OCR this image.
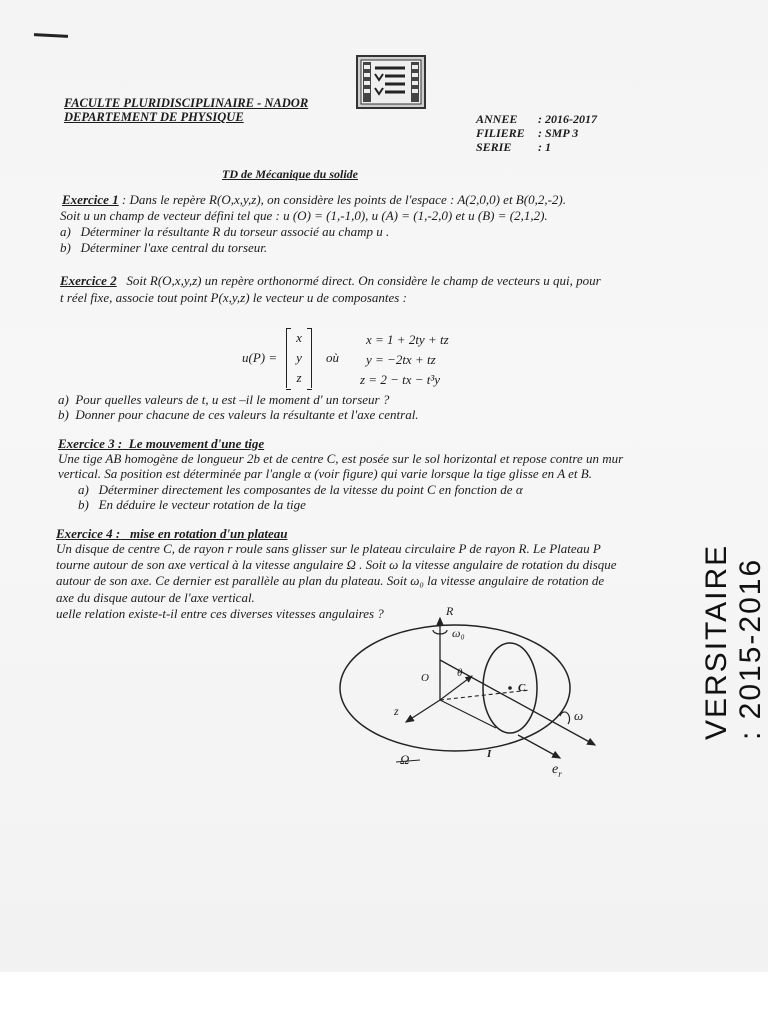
FACULTE PLURIDISCIPLINAIRE - NADOR
DEPARTEMENT DE PHYSIQUE	ANNEE : 2016-2017
FILIERE : SMP 3
SERIE : 1
TD de Mécanique du solide
Exercice 1 : Dans le repère R(O,x,y,z), on considère les points de l'espace : A(2,0,0) et B(0,2,-2).
Soit u un champ de vecteur défini tel que : u (O) = (1,-1,0), u (A) = (1,-2,0) et u (B) = (2,1,2).
a) Déterminer la résultante R du torseur associé au champ u .
b) Déterminer l'axe central du torseur.
Exercice 2 Soit R(O,x,y,z) un repère orthonormé direct. On considère le champ de vecteurs u qui, pour
t réel fixe, associe tout point P(x,y,z) le vecteur u de composantes :
u(P) =
x
y
z
où
x = 1 + 2ty + tz
y = −2tx + tz
z = 2 − tx − t³y
a) Pour quelles valeurs de t, u est –il le moment d' un torseur ?
b) Donner pour chacune de ces valeurs la résultante et l'axe central.
Exercice 3 : Le mouvement d'une tige
Une tige AB homogène de longueur 2b et de centre C, est posée sur le sol horizontal et repose contre un mur
vertical. Sa position est déterminée par l'angle α (voir figure) qui varie lorsque la tige glisse en A et B.
a) Déterminer directement les composantes de la vitesse du point C en fonction de α
b) En déduire le vecteur rotation de la tige
Exercice 4 : mise en rotation d'un plateau
Un disque de centre C, de rayon r roule sans glisser sur le plateau circulaire P de rayon R. Le Plateau P
tourne autour de son axe vertical à la vitesse angulaire Ω . Soit ω la vitesse angulaire de rotation du disque
autour de son axe. Ce dernier est parallèle au plan du plateau. Soit ω₀ la vitesse angulaire de rotation de
axe du disque autour de l'axe vertical.
uelle relation existe-t-il entre ces diverses vitesses angulaires ?	R
ω₀
O	θ
C
z	ω
I
Ω
$e_r$
VERSITAIRE : 2015-2016
